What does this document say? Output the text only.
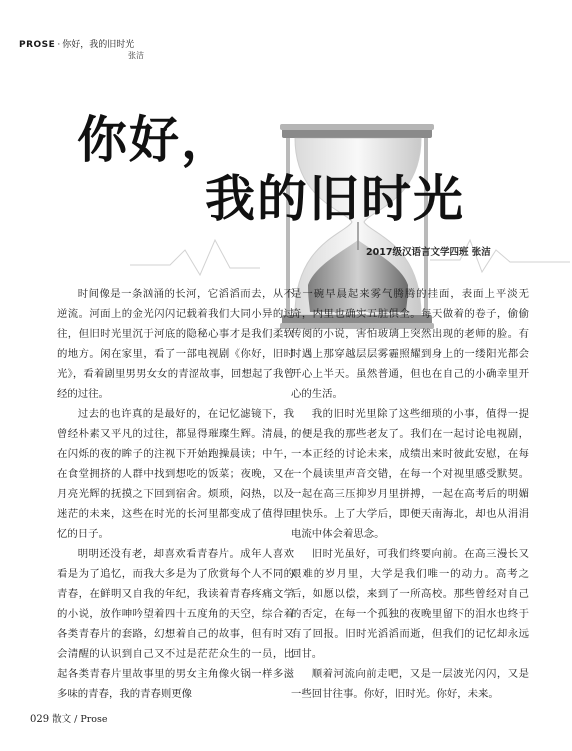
PROSE · 你好，我的旧时光
张洁
你好，
我的旧时光
2017级汉语言文学四班 张洁

时间像是一条汹涌的长河，它滔滔而去，从不逆流。河面上的金光闪闪记载着我们大同小异的过往，但旧时光里沉于河底的隐秘心事才是我们柔软的地方。闲在家里，看了一部电视剧《你好，旧时光》，看着剧里男男女女的青涩故事，回想起了我曾经的过往。

过去的也许真的是最好的，在记忆滤镜下，我曾经朴素又平凡的过往，都显得璀璨生辉。清晨，在闪烁的夜的眸子的注视下开始跑操晨读；中午，在食堂拥挤的人群中找到想吃的饭菜；夜晚，又在月亮光辉的抚摸之下回到宿舍。烦琐，闷热，以及迷茫的未来，这些在时光的长河里都变成了值得回忆的日子。

明明还没有老，却喜欢看青春片。成年人喜欢看是为了追忆，而我大多是为了欣赏每个人不同的青春，在鲜明又自我的年纪，我读着青春疼痛文学的小说，放作呻吟望着四十五度角的天空，综合着各类青春片的套路，幻想着自己的故事，但有时又会清醒的认识到自己又不过是茫茫众生的一员，比起各类青春片里故事里的男女主角像火锅一样多滋多味的青春，我的青春则更像

是一碗早晨起来雾气腾腾的挂面，表面上平淡无奇，内里也确实五脏俱全。每天做着的卷子，偷偷传阅的小说，害怕玻璃上突然出现的老师的脸。有时遇上那穿越层层雾霾照耀到身上的一缕阳光都会开心上半天。虽然普通，但也在自己的小确幸里开心的生活。

我的旧时光里除了这些细琐的小事，值得一提的便是我的那些老友了。我们在一起讨论电视剧，一本正经的讨论未来，成绩出来时彼此安慰，在每一个晨读里声音交错，在每一个对视里感受默契。一起在高三压抑岁月里拼搏，一起在高考后的明媚里快乐。上了大学后，即便天南海北，却也从涓涓电流中体会着思念。

旧时光虽好，可我们终要向前。在高三漫长又艰难的岁月里，大学是我们唯一的动力。高考之后，如愿以偿，来到了一所高校。那些曾经对自己的否定，在每一个孤独的夜晚里留下的泪水也终于有了回报。旧时光滔滔而逝，但我们的记忆却永远回甘。

顺着河流向前走吧，又是一层波光闪闪，又是一些回甘往事。你好，旧时光。你好，未来。

029 散文 / Prose
